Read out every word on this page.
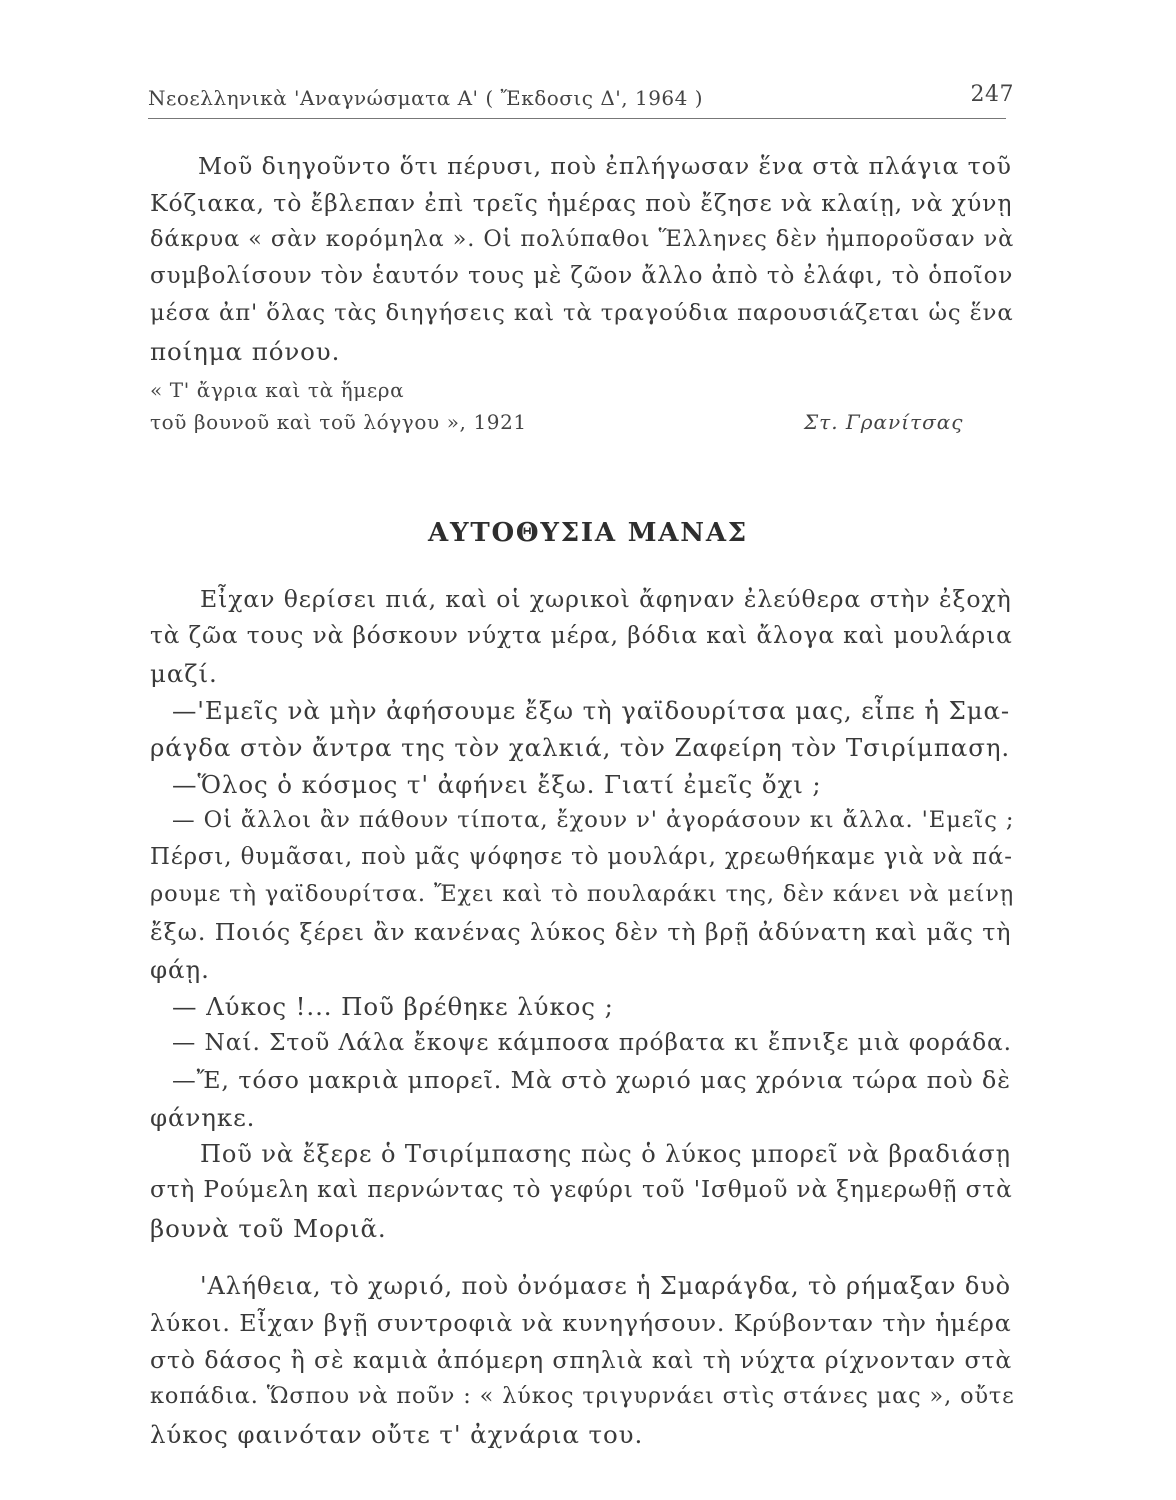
Νεοελληνικὰ 'Αναγνώσματα Α' ( Ἔκδοσις Δ', 1964 )	247
Μοῦ διηγοῦντο ὅτι πέρυσι, ποὺ ἐπλήγωσαν ἕνα στὰ πλάγια τοῦ
Κόζιακα, τὸ ἔβλεπαν ἐπὶ τρεῖς ἡμέρας ποὺ ἔζησε νὰ κλαίῃ, νὰ χύνῃ
δάκρυα « σὰν κορόμηλα ». Οἱ πολύπαθοι Ἕλληνες δὲν ἠμποροῦσαν νὰ
συμβολίσουν τὸν ἑαυτόν τους μὲ ζῶον ἄλλο ἀπὸ τὸ ἐλάφι, τὸ ὁποῖον
μέσα ἀπ' ὅλας τὰς διηγήσεις καὶ τὰ τραγούδια παρουσιάζεται ὡς ἕνα
ποίημα πόνου.
« Τ' ἄγρια καὶ τὰ ἥμερα
τοῦ βουνοῦ καὶ τοῦ λόγγου », 1921	Στ. Γρανίτσας
ΑΥΤΟΘΥΣΙΑ ΜΑΝΑΣ
Εἶχαν θερίσει πιά, καὶ οἱ χωρικοὶ ἄφηναν ἐλεύθερα στὴν ἐξοχὴ
τὰ ζῶα τους νὰ βόσκουν νύχτα μέρα, βόδια καὶ ἄλογα καὶ μουλάρια
μαζί.
—'Εμεῖς νὰ μὴν ἀφήσουμε ἔξω τὴ γαϊδουρίτσα μας, εἶπε ἡ Σμα-
ράγδα στὸν ἄντρα της τὸν χαλκιά, τὸν Ζαφείρη τὸν Τσιρίμπαση.
—Ὅλος ὁ κόσμος τ' ἀφήνει ἔξω. Γιατί ἐμεῖς ὄχι ;
— Οἱ ἄλλοι ἂν πάθουν τίποτα, ἔχουν ν' ἀγοράσουν κι ἄλλα. 'Εμεῖς ;
Πέρσι, θυμᾶσαι, ποὺ μᾶς ψόφησε τὸ μουλάρι, χρεωθήκαμε γιὰ νὰ πά-
ρουμε τὴ γαϊδουρίτσα. Ἔχει καὶ τὸ πουλαράκι της, δὲν κάνει νὰ μείνῃ
ἔξω. Ποιός ξέρει ἂν κανένας λύκος δὲν τὴ βρῇ ἀδύνατη καὶ μᾶς τὴ
φάῃ.
— Λύκος !... Ποῦ βρέθηκε λύκος ;
— Ναί. Στοῦ Λάλα ἔκοψε κάμποσα πρόβατα κι ἔπνιξε μιὰ φοράδα.
—Ἔ, τόσο μακριὰ μπορεῖ. Μὰ στὸ χωριό μας χρόνια τώρα ποὺ δὲ
φάνηκε.
Ποῦ νὰ ἔξερε ὁ Τσιρίμπασης πὼς ὁ λύκος μπορεῖ νὰ βραδιάσῃ
στὴ Ρούμελη καὶ περνώντας τὸ γεφύρι τοῦ 'Ισθμοῦ νὰ ξημερωθῇ στὰ
βουνὰ τοῦ Μοριᾶ.
'Αλήθεια, τὸ χωριό, ποὺ ὀνόμασε ἡ Σμαράγδα, τὸ ρήμαξαν δυὸ
λύκοι. Εἶχαν βγῇ συντροφιὰ νὰ κυνηγήσουν. Κρύβονταν τὴν ἡμέρα
στὸ δάσος ἢ σὲ καμιὰ ἀπόμερη σπηλιὰ καὶ τὴ νύχτα ρίχνονταν στὰ
κοπάδια. Ὥσπου νὰ ποῦν : « λύκος τριγυρνάει στὶς στάνες μας », οὔτε
λύκος φαινόταν οὔτε τ' ἀχνάρια του.
